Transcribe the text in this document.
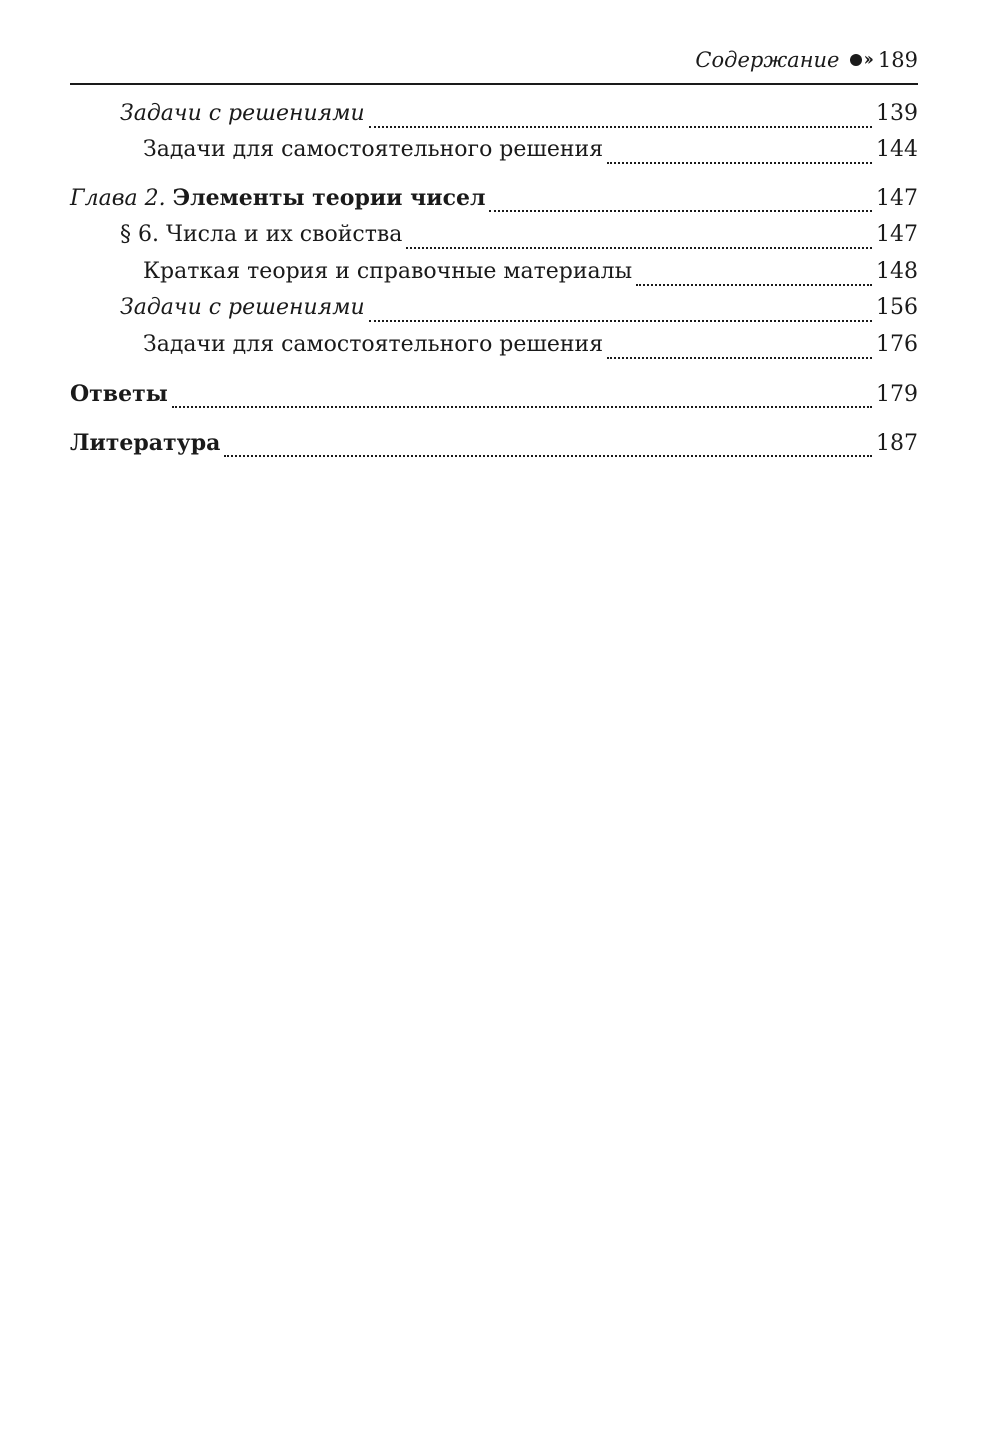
Содержание ›› 189
Задачи с решениями	139
Задачи для самостоятельного решения	144
Глава 2. Элементы теории чисел	147
§ 6. Числа и их свойства	147
Краткая теория и справочные материалы	148
Задачи с решениями	156
Задачи для самостоятельного решения	176
Ответы	179
Литература	187
